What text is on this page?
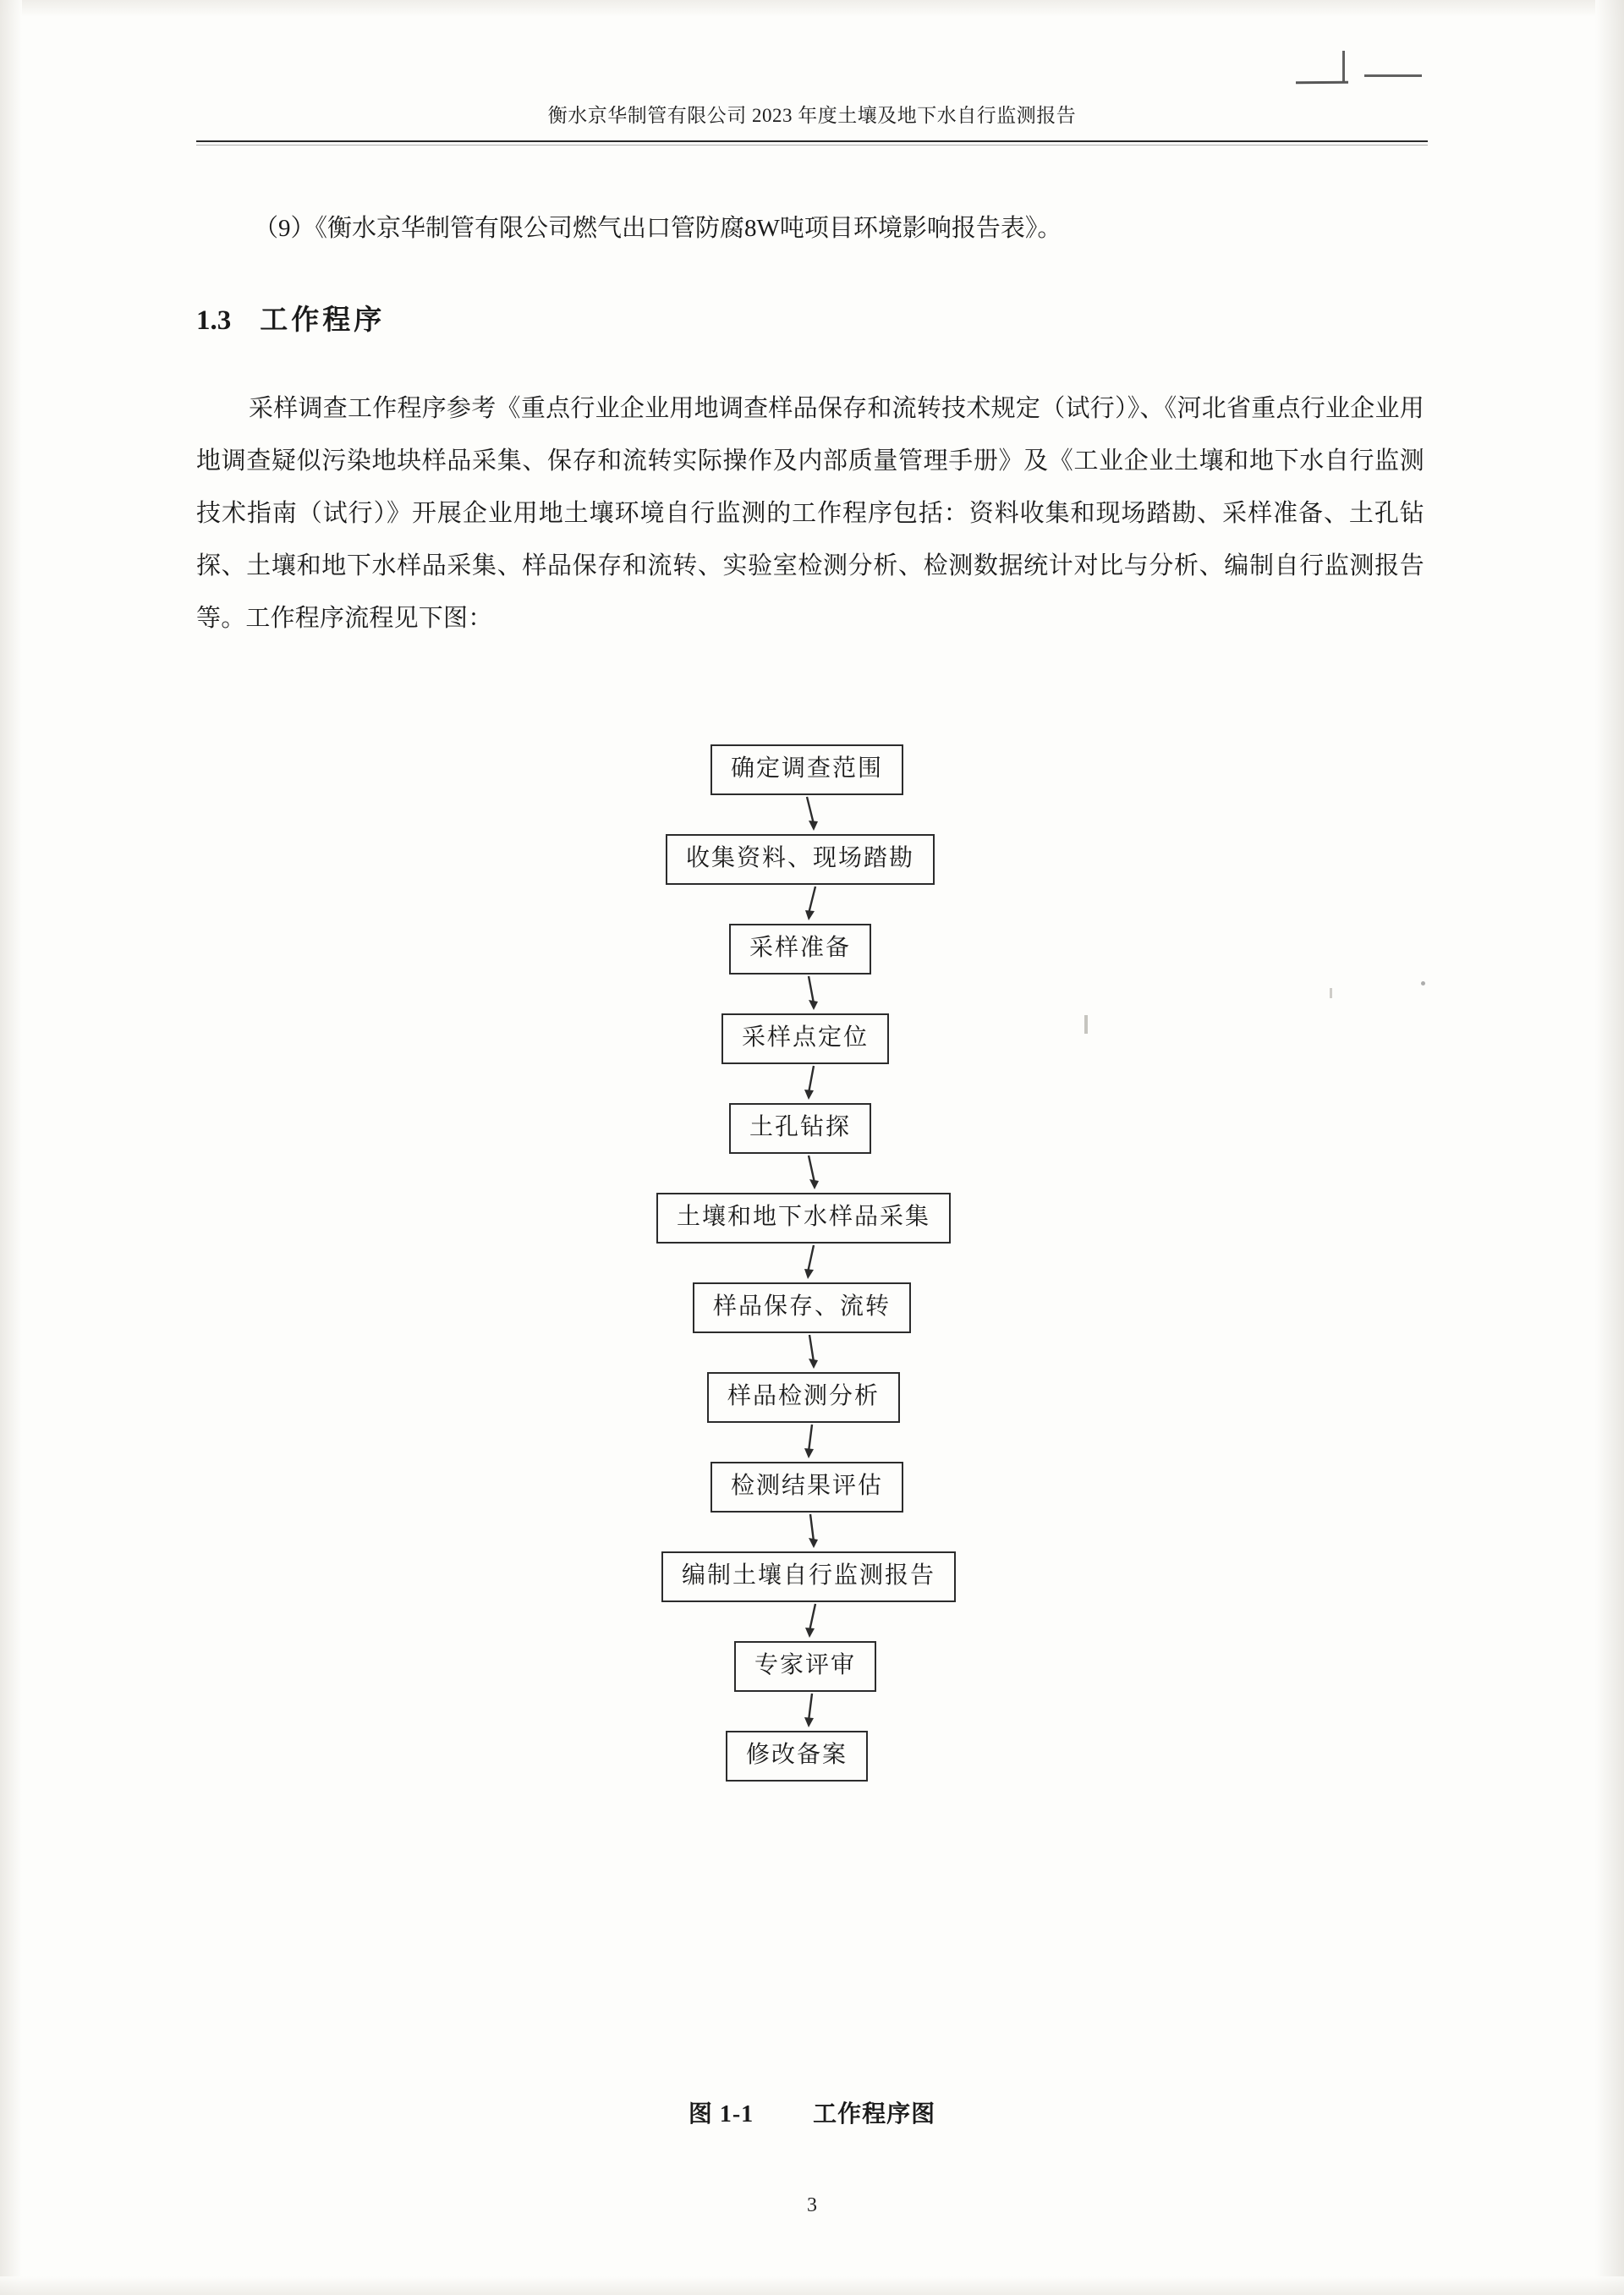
衡水京华制管有限公司 2023 年度土壤及地下水自行监测报告
（9）《衡水京华制管有限公司燃气出口管防腐8W吨项目环境影响报告表》。
1.3 工作程序
采样调查工作程序参考《重点行业企业用地调查样品保存和流转技术规定（试行）》、《河北省重点行业企业用地调查疑似污染地块样品采集、保存和流转实际操作及内部质量管理手册》及《工业企业土壤和地下水自行监测技术指南（试行）》开展企业用地土壤环境自行监测的工作程序包括：资料收集和现场踏勘、采样准备、土孔钻探、土壤和地下水样品采集、样品保存和流转、实验室检测分析、检测数据统计对比与分析、编制自行监测报告等。工作程序流程见下图：
确定调查范围
收集资料、现场踏勘
采样准备
采样点定位
土孔钻探
土壤和地下水样品采集
样品保存、流转
样品检测分析
检测结果评估
编制土壤自行监测报告
专家评审
修改备案
图 1-1	工作程序图
3
